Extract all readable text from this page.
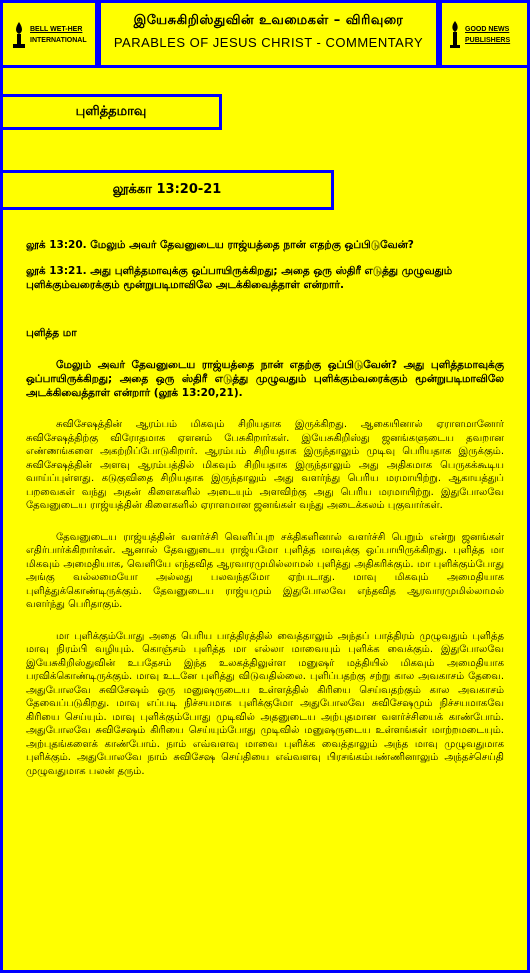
BELL WET-HER
INTERNATIONAL
இயேசுகிறிஸ்துவின் உவமைகள் – விரிவுரை
PARABLES OF JESUS CHRIST - COMMENTARY
GOOD NEWS
PUBLISHERS
புளித்தமாவு
லூக்கா 13:20-21

லூக் 13:20. மேலும் அவர் தேவனுடைய ராஜ்யத்தை நான் எதற்கு ஒப்பிடுவேன்?

லூக் 13:21. அது புளித்தமாவுக்கு ஒப்பாயிருக்கிறது; அதை ஒரு ஸ்திரீ எடுத்து முழுவதும் புளிக்கும்வரைக்கும் மூன்றுபடிமாவிலே அடக்கிவைத்தாள் என்றார்.

புளித்த மா
மேலும் அவர் தேவனுடைய ராஜ்யத்தை நான் எதற்கு ஒப்பிடுவேன்? அது புளித்தமாவுக்கு ஒப்பாயிருக்கிறது; அதை ஒரு ஸ்திரீ எடுத்து முழுவதும் புளிக்கும்வரைக்கும் மூன்றுபடிமாவிலே அடக்கிவைத்தாள் என்றார் (லூக் 13:20,21).
சுவிசேஷத்தின் ஆரம்பம் மிகவும் சிறியதாக இருக்கிறது. ஆகையினால் ஏராளமானோர் சுவிசேஷத்திற்கு விரோதமாக ஏளனம் பேசுகிறார்கள். இயேசுகிறிஸ்து ஜனங்களுடைய தவறான எண்ணங்களை அகற்றிப்போடுகிறார். ஆரம்பம் சிறியதாக இருந்தாலும் முடிவு பெரியதாக இருக்கும். சுவிசேஷத்தின் அளவு ஆரம்பத்தில் மிகவும் சிறியதாக இருந்தாலும் அது அதிகமாக பெருகக்கூடிய வாய்ப்புள்ளது. கடுகுவிதை சிறியதாக இருந்தாலும் அது வளர்ந்து பெரிய மரமாயிற்று. ஆகாயத்துப் பறவைகள் வந்து அதன் கிளைகளில் அடையும் அளவிற்கு அது பெரிய மரமாயிற்று. இதுபோலவே தேவனுடைய ராஜ்யத்தின் கிளைகளில் ஏராளமான ஜனங்கள் வந்து அடைக்கலம் புகுவார்கள்.
தேவனுடைய ராஜ்யத்தின் வளர்ச்சி வெளிப்புற சக்திகளினால் வளர்ச்சி பெறும் என்று ஜனங்கள் எதிர்பார்க்கிறார்கள். ஆனால் தேவனுடைய ராஜ்யமோ புளித்த மாவுக்கு ஒப்பாயிருக்கிறது. புளித்த மா மிகவும் அமைதியாக, வெளியே எந்தவித ஆரவாரமுமில்லாமல் புளித்து அதிகரிக்கும். மா புளிக்கும்போது அங்கு வல்லமையோ அல்லது பலவந்தமோ ஏற்படாது. மாவு மிகவும் அமைதியாக புளித்துக்கொண்டிருக்கும். தேவனுடைய ராஜ்யமும் இதுபோலவே எந்தவித ஆரவாரமுமில்லாமல் வளர்ந்து பெரிதாகும்.
மா புளிக்கும்போது அதை பெரிய பாத்திரத்தில் வைத்தாலும் அந்தப் பாத்திரம் முழுவதும் புளித்த மாவு நிரம்பி வழியும். கொஞ்சம் புளித்த மா எல்லா மாவையும் புளிக்க வைக்கும். இதுபோலவே இயேசுகிறிஸ்துவின் உபதேசம் இந்த உலகத்திலுள்ள மனுஷர் மத்தியில் மிகவும் அமைதியாக பரவிக்கொண்டிருக்கும். மாவு உடனே புளித்து விடுவதில்லை. புளிப்பதற்கு சற்று கால அவகாசம் தேவை. அதுபோலவே சுவிசேஷம் ஒரு மனுஷருடைய உள்ளத்தில் கிரியை செய்வதற்கும் கால அவகாசம் தேவைப்படுகிறது. மாவு எப்படி நிச்சயமாக புளிக்குமோ அதுபோலவே சுவிசேஷமும் நிச்சயமாகவே கிரியை செய்யும். மாவு புளிக்கும்போது முடிவில் அதனுடைய அற்புதமான வளர்ச்சியைக் காண்போம். அதுபோலவே சுவிசேஷம் கிரியை செய்யும்போது முடிவில் மனுஷருடைய உள்ளங்கள் மாற்றமடையும். அற்புதங்களைக் காண்போம். நாம் எவ்வளவு மாவை புளிக்க வைத்தாலும் அந்த மாவு முழுவதுமாக புளிக்கும். அதுபோலவே நாம் சுவிசேஷ செய்தியை எவ்வளவு பிரசங்கம்பண்ணினாலும் அந்தச்செய்தி முழுவதுமாக பலன் தரும்.
